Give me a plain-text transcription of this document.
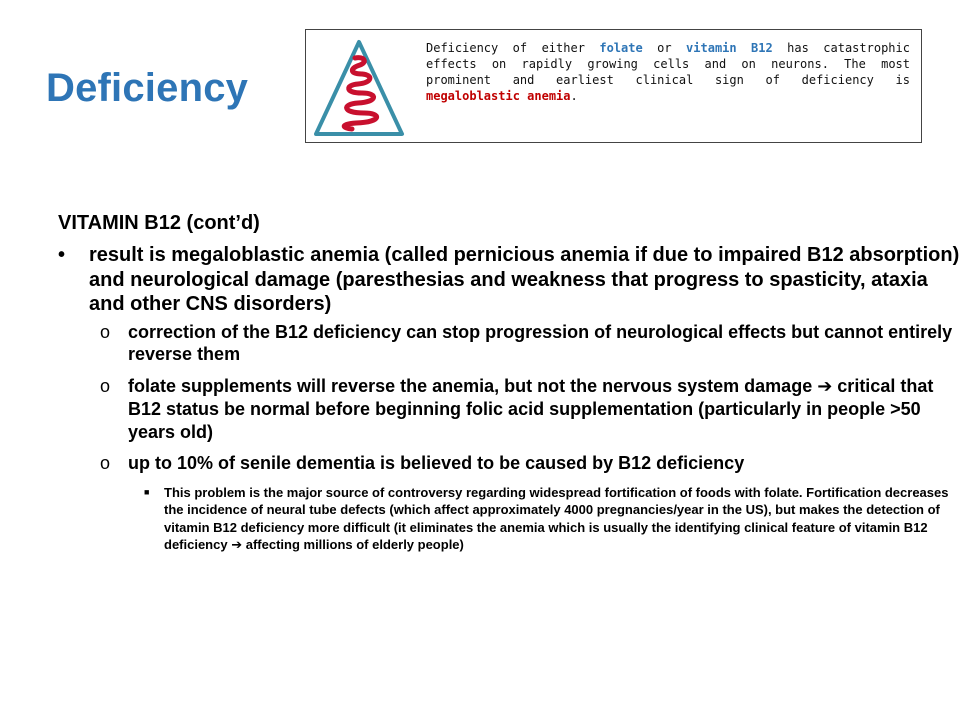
Deficiency
Deficiency of either folate or vitamin B12 has catastrophic effects on rapidly growing cells and on neurons. The most prominent and earliest clinical sign of deficiency is megaloblastic anemia.
VITAMIN B12 (cont’d)
• result is megaloblastic anemia (called pernicious anemia if due to impaired B12 absorption) and neurological damage (paresthesias and weakness that progress to spasticity, ataxia and other CNS disorders)
o correction of the B12 deficiency can stop progression of neurological effects but cannot entirely reverse them
o folate supplements will reverse the anemia, but not the nervous system damage ➔ critical that B12 status be normal before beginning folic acid supplementation (particularly in people >50 years old)
o up to 10% of senile dementia is believed to be caused by B12 deficiency
■ This problem is the major source of controversy regarding widespread fortification of foods with folate. Fortification decreases the incidence of neural tube defects (which affect approximately 4000 pregnancies/year in the US), but makes the detection of vitamin B12 deficiency more difficult (it eliminates the anemia which is usually the identifying clinical feature of vitamin B12 deficiency ➔ affecting millions of elderly people)
